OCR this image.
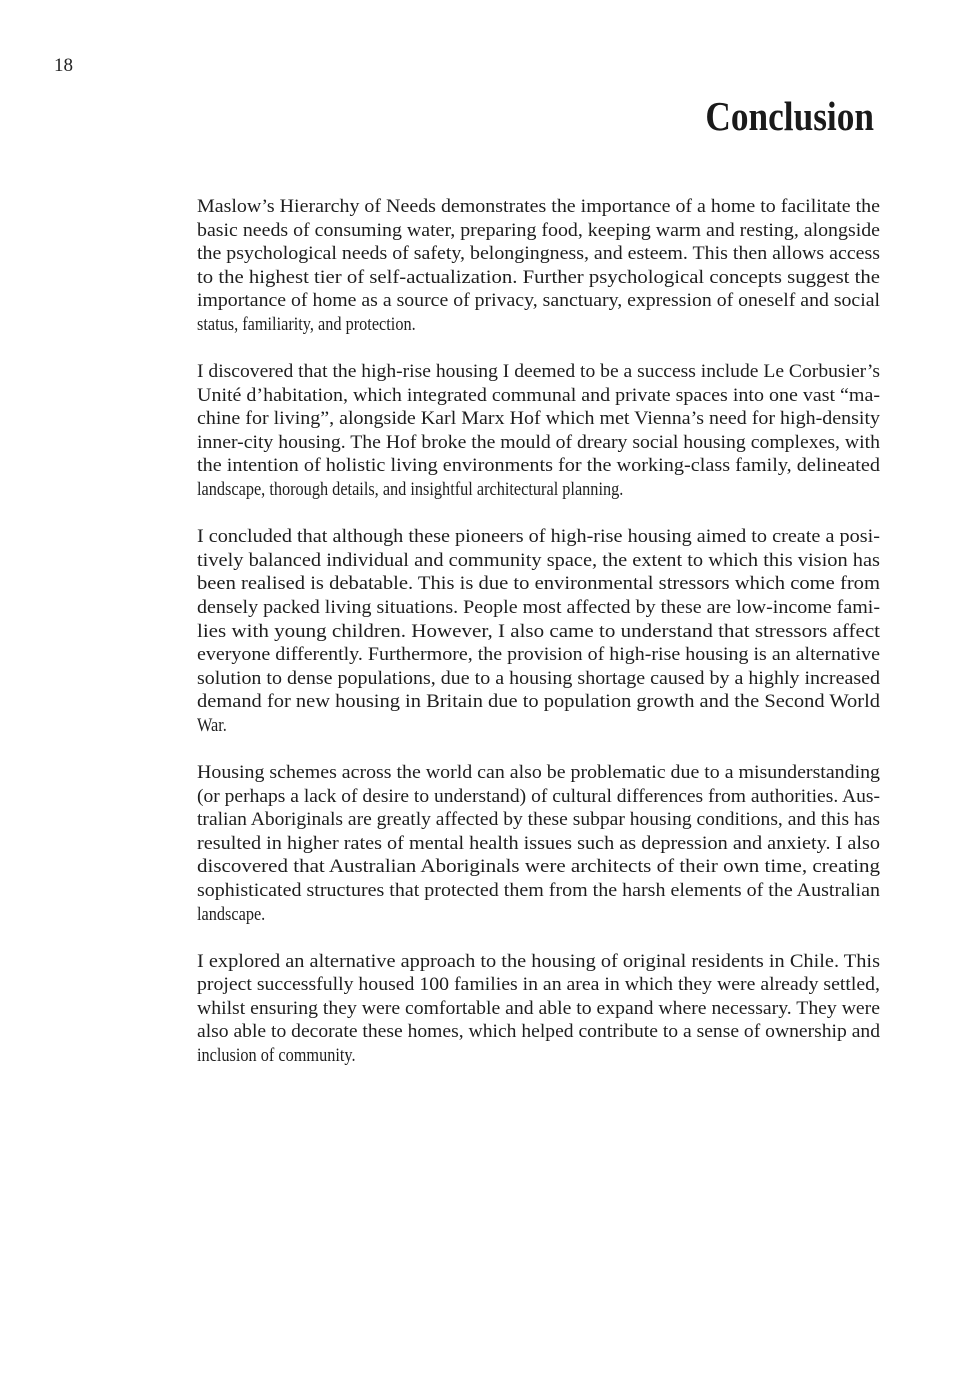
18
Conclusion

Maslow’s Hierarchy of Needs demonstrates the importance of a home to facilitate the
basic needs of consuming water, preparing food, keeping warm and resting, alongside
the psychological needs of safety, belongingness, and esteem. This then allows access
to the highest tier of self-actualization. Further psychological concepts suggest the
importance of home as a source of privacy, sanctuary, expression of oneself and social
status, familiarity, and protection.

I discovered that the high-rise housing I deemed to be a success include Le Corbusier’s
Unité d’habitation, which integrated communal and private spaces into one vast “ma-
chine for living”, alongside Karl Marx Hof which met Vienna’s need for high-density
inner-city housing. The Hof broke the mould of dreary social housing complexes, with
the intention of holistic living environments for the working-class family, delineated
landscape, thorough details, and insightful architectural planning.

I concluded that although these pioneers of high-rise housing aimed to create a posi-
tively balanced individual and community space, the extent to which this vision has
been realised is debatable. This is due to environmental stressors which come from
densely packed living situations. People most affected by these are low-income fami-
lies with young children. However, I also came to understand that stressors affect
everyone differently. Furthermore, the provision of high-rise housing is an alternative
solution to dense populations, due to a housing shortage caused by a highly increased
demand for new housing in Britain due to population growth and the Second World
War.

Housing schemes across the world can also be problematic due to a misunderstanding
(or perhaps a lack of desire to understand) of cultural differences from authorities. Aus-
tralian Aboriginals are greatly affected by these subpar housing conditions, and this has
resulted in higher rates of mental health issues such as depression and anxiety. I also
discovered that Australian Aboriginals were architects of their own time, creating
sophisticated structures that protected them from the harsh elements of the Australian
landscape.

I explored an alternative approach to the housing of original residents in Chile. This
project successfully housed 100 families in an area in which they were already settled,
whilst ensuring they were comfortable and able to expand where necessary. They were
also able to decorate these homes, which helped contribute to a sense of ownership and
inclusion of community.
